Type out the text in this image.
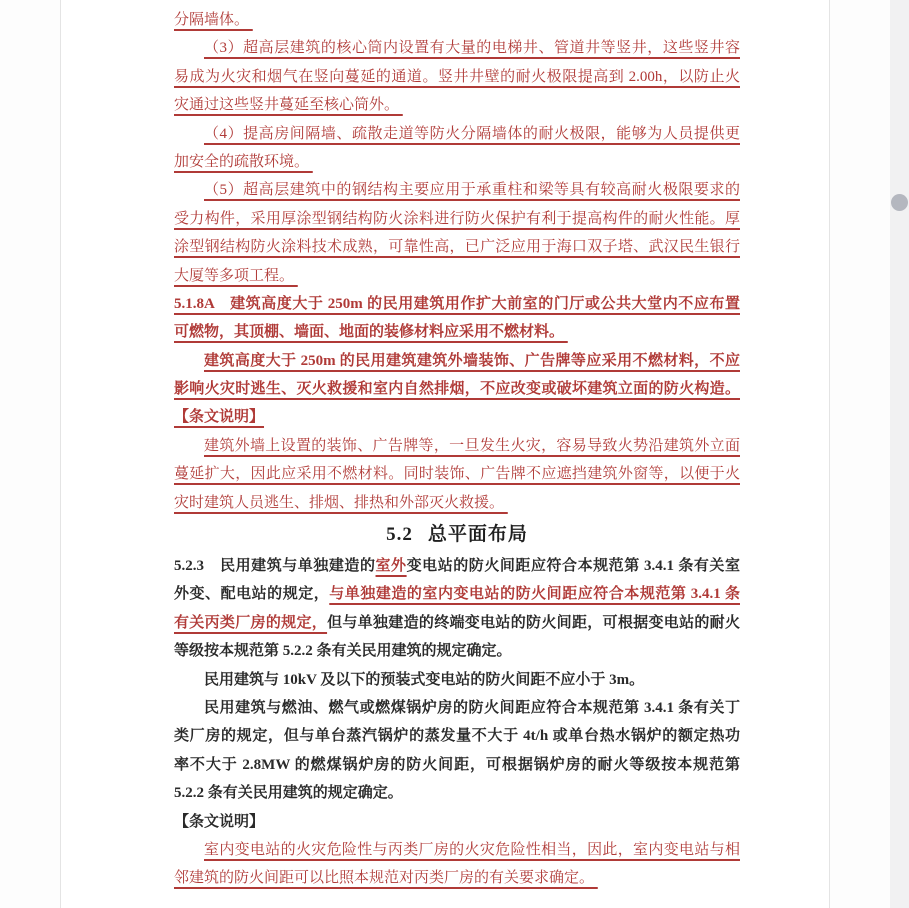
分隔墙体。
（3）超高层建筑的核心筒内设置有大量的电梯井、管道井等竖井，这些竖井容
易成为火灾和烟气在竖向蔓延的通道。竖井井壁的耐火极限提高到 2.00h，以防止火
灾通过这些竖井蔓延至核心筒外。
（4）提高房间隔墙、疏散走道等防火分隔墙体的耐火极限，能够为人员提供更
加安全的疏散环境。
（5）超高层建筑中的钢结构主要应用于承重柱和梁等具有较高耐火极限要求的
受力构件，采用厚涂型钢结构防火涂料进行防火保护有利于提高构件的耐火性能。厚
涂型钢结构防火涂料技术成熟，可靠性高，已广泛应用于海口双子塔、武汉民生银行
大厦等多项工程。
5.1.8A　建筑高度大于 250m 的民用建筑用作扩大前室的门厅或公共大堂内不应布置
可燃物，其顶棚、墙面、地面的装修材料应采用不燃材料。
建筑高度大于 250m 的民用建筑建筑外墙装饰、广告牌等应采用不燃材料，不应
影响火灾时逃生、灭火救援和室内自然排烟，不应改变或破坏建筑立面的防火构造。
【条文说明】
建筑外墙上设置的装饰、广告牌等，一旦发生火灾，容易导致火势沿建筑外立面
蔓延扩大，因此应采用不燃材料。同时装饰、广告牌不应遮挡建筑外窗等，以便于火
灾时建筑人员逃生、排烟、排热和外部灭火救援。
5.2 总平面布局
5.2.3　民用建筑与单独建造的室外变电站的防火间距应符合本规范第 3.4.1 条有关室
外变、配电站的规定，与单独建造的室内变电站的防火间距应符合本规范第 3.4.1 条
有关丙类厂房的规定，但与单独建造的终端变电站的防火间距，可根据变电站的耐火
等级按本规范第 5.2.2 条有关民用建筑的规定确定。
民用建筑与 10kV 及以下的预装式变电站的防火间距不应小于 3m。
民用建筑与燃油、燃气或燃煤锅炉房的防火间距应符合本规范第 3.4.1 条有关丁
类厂房的规定，但与单台蒸汽锅炉的蒸发量不大于 4t/h 或单台热水锅炉的额定热功
率不大于 2.8MW 的燃煤锅炉房的防火间距，可根据锅炉房的耐火等级按本规范第
5.2.2 条有关民用建筑的规定确定。
【条文说明】
室内变电站的火灾危险性与丙类厂房的火灾危险性相当，因此，室内变电站与相
邻建筑的防火间距可以比照本规范对丙类厂房的有关要求确定。
